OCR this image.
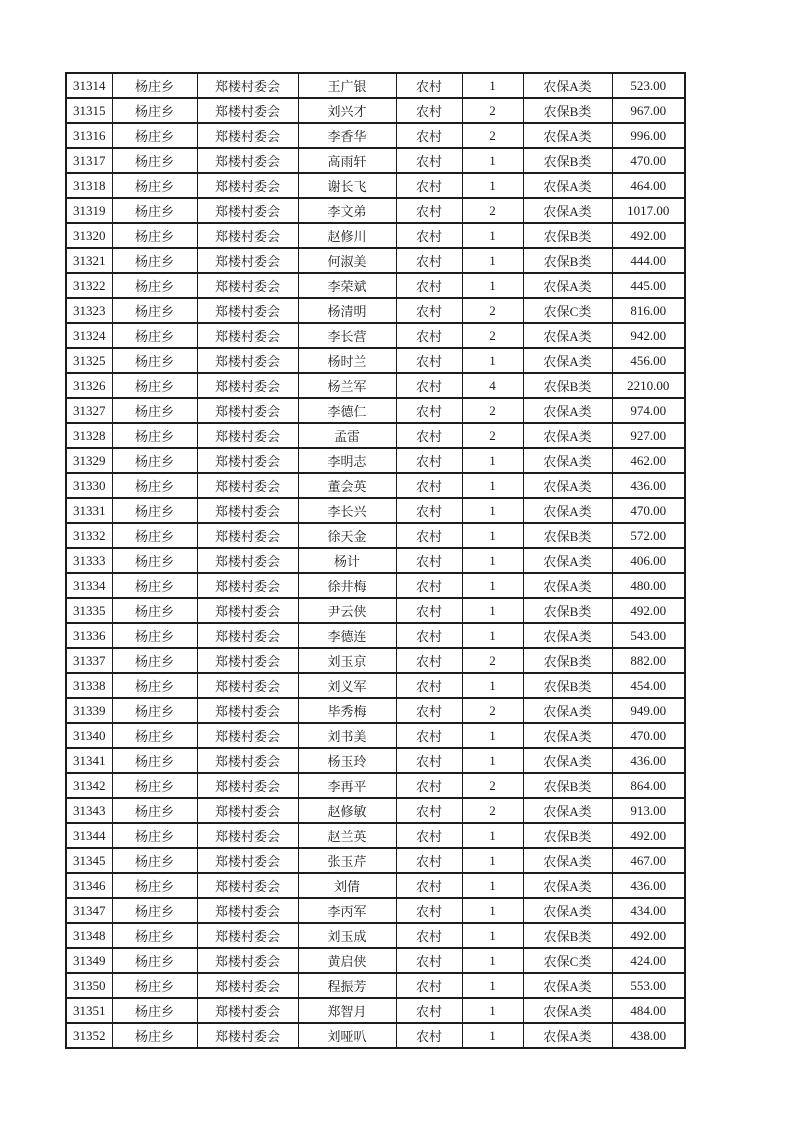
31314	杨庄乡	郑楼村委会	王广银	农村	1	农保A类	523.00
31315	杨庄乡	郑楼村委会	刘兴才	农村	2	农保B类	967.00
31316	杨庄乡	郑楼村委会	李香华	农村	2	农保A类	996.00
31317	杨庄乡	郑楼村委会	高雨轩	农村	1	农保B类	470.00
31318	杨庄乡	郑楼村委会	谢长飞	农村	1	农保A类	464.00
31319	杨庄乡	郑楼村委会	李文弟	农村	2	农保A类	1017.00
31320	杨庄乡	郑楼村委会	赵修川	农村	1	农保B类	492.00
31321	杨庄乡	郑楼村委会	何淑美	农村	1	农保B类	444.00
31322	杨庄乡	郑楼村委会	李荣斌	农村	1	农保A类	445.00
31323	杨庄乡	郑楼村委会	杨清明	农村	2	农保C类	816.00
31324	杨庄乡	郑楼村委会	李长营	农村	2	农保A类	942.00
31325	杨庄乡	郑楼村委会	杨时兰	农村	1	农保A类	456.00
31326	杨庄乡	郑楼村委会	杨兰军	农村	4	农保B类	2210.00
31327	杨庄乡	郑楼村委会	李德仁	农村	2	农保A类	974.00
31328	杨庄乡	郑楼村委会	孟雷	农村	2	农保A类	927.00
31329	杨庄乡	郑楼村委会	李明志	农村	1	农保A类	462.00
31330	杨庄乡	郑楼村委会	董会英	农村	1	农保A类	436.00
31331	杨庄乡	郑楼村委会	李长兴	农村	1	农保A类	470.00
31332	杨庄乡	郑楼村委会	徐天金	农村	1	农保B类	572.00
31333	杨庄乡	郑楼村委会	杨计	农村	1	农保A类	406.00
31334	杨庄乡	郑楼村委会	徐井梅	农村	1	农保A类	480.00
31335	杨庄乡	郑楼村委会	尹云侠	农村	1	农保B类	492.00
31336	杨庄乡	郑楼村委会	李德连	农村	1	农保A类	543.00
31337	杨庄乡	郑楼村委会	刘玉京	农村	2	农保B类	882.00
31338	杨庄乡	郑楼村委会	刘义军	农村	1	农保B类	454.00
31339	杨庄乡	郑楼村委会	毕秀梅	农村	2	农保A类	949.00
31340	杨庄乡	郑楼村委会	刘书美	农村	1	农保A类	470.00
31341	杨庄乡	郑楼村委会	杨玉玲	农村	1	农保A类	436.00
31342	杨庄乡	郑楼村委会	李再平	农村	2	农保B类	864.00
31343	杨庄乡	郑楼村委会	赵修敏	农村	2	农保A类	913.00
31344	杨庄乡	郑楼村委会	赵兰英	农村	1	农保B类	492.00
31345	杨庄乡	郑楼村委会	张玉芹	农村	1	农保A类	467.00
31346	杨庄乡	郑楼村委会	刘倩	农村	1	农保A类	436.00
31347	杨庄乡	郑楼村委会	李丙军	农村	1	农保A类	434.00
31348	杨庄乡	郑楼村委会	刘玉成	农村	1	农保B类	492.00
31349	杨庄乡	郑楼村委会	黄启侠	农村	1	农保C类	424.00
31350	杨庄乡	郑楼村委会	程振芳	农村	1	农保A类	553.00
31351	杨庄乡	郑楼村委会	郑智月	农村	1	农保A类	484.00
31352	杨庄乡	郑楼村委会	刘哑叭	农村	1	农保A类	438.00
